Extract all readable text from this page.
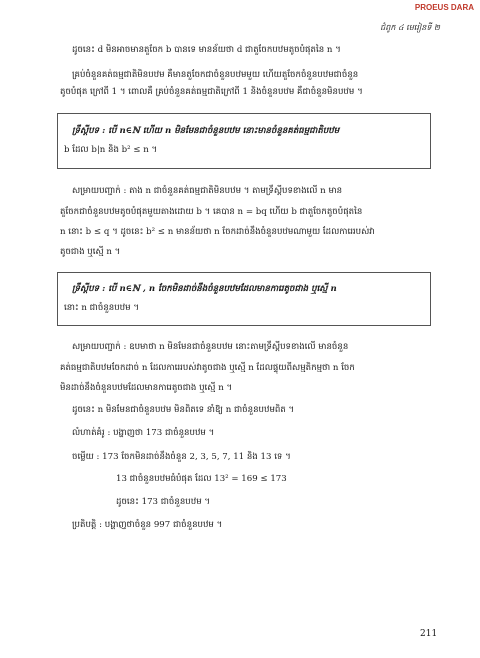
PROEUS DARA
ជំពូក ៤ មេរៀនទី ២
ដូចនេះ d មិនអាចមានតួចែក b បានទេ មានន័យថា d ជាតួចែកបឋមតូចបំផុតនៃ n ។
គ្រប់ចំនួនគត់ធម្មជាតិមិនបឋម គឺមានតួចែកជាចំនួនបឋមមួយ ហើយតួចែកចំនួនបឋមជាចំនួន
តូចបំផុត ក្រៅពី 1 ។ ពោលគឺ គ្រប់ចំនួនគត់ធម្មជាតិក្រៅពី 1 និងចំនួនបឋម គឺជាចំនួនមិនបឋម ។
ទ្រឹស្តីបទ : បើ n∈ℕ ហើយ n មិនមែនជាចំនួនបឋម នោះមានចំនួនគត់ធម្មជាតិបឋម
b ដែល b|n និង b² ≤ n ។
សម្រាយបញ្ជាក់ : តាង n ជាចំនួនគត់ធម្មជាតិមិនបឋម ។ តាមទ្រឹស្តីបទខាងលើ n មាន
តួចែកជាចំនួនបឋមតូចបំផុតមួយតាងដោយ b ។ គេបាន n = bq ហើយ b ជាតួចែកតូចបំផុតនៃ
n នោះ b ≤ q ។ ដូចនេះ b² ≤ n មានន័យថា n ចែកដាច់នឹងចំនួនបឋមណាមួយ ដែលការេរបស់វា
តូចជាង ឬស្មើ n ។
ទ្រឹស្តីបទ : បើ n∈ℕ , n ចែកមិនដាច់នឹងចំនួនបឋមដែលមានការេតូចជាង ឬស្មើ n
នោះ n ជាចំនួនបឋម ។
សម្រាយបញ្ជាក់ : ឧបមាថា n មិនមែនជាចំនួនបឋម នោះតាមទ្រឹស្តីបទខាងលើ មានចំនួន
គត់ធម្មជាតិបឋមចែកដាច់ n ដែលការេរបស់វាតូចជាង ឬស្មើ n ដែលផ្ទុយពីសម្មតិកម្មថា n ចែក
មិនដាច់នឹងចំនួនបឋមដែលមានការេតូចជាង ឬស្មើ n ។
ដូចនេះ n មិនមែនជាចំនួនបឋម មិនពិតទេ នាំឱ្យ n ជាចំនួនបឋមពិត ។
លំហាត់គំរូ : បង្ហាញថា 173 ជាចំនួនបឋម ។
ចម្លើយ : 173 ចែកមិនដាច់នឹងចំនួន 2, 3, 5, 7, 11 និង 13 ទេ ។
13 ជាចំនួនបឋមធំបំផុត ដែល 13² = 169 ≤ 173
ដូចនេះ 173 ជាចំនួនបឋម ។
ប្រតិបត្តិ : បង្ហាញថាចំនួន 997 ជាចំនួនបឋម ។
211
